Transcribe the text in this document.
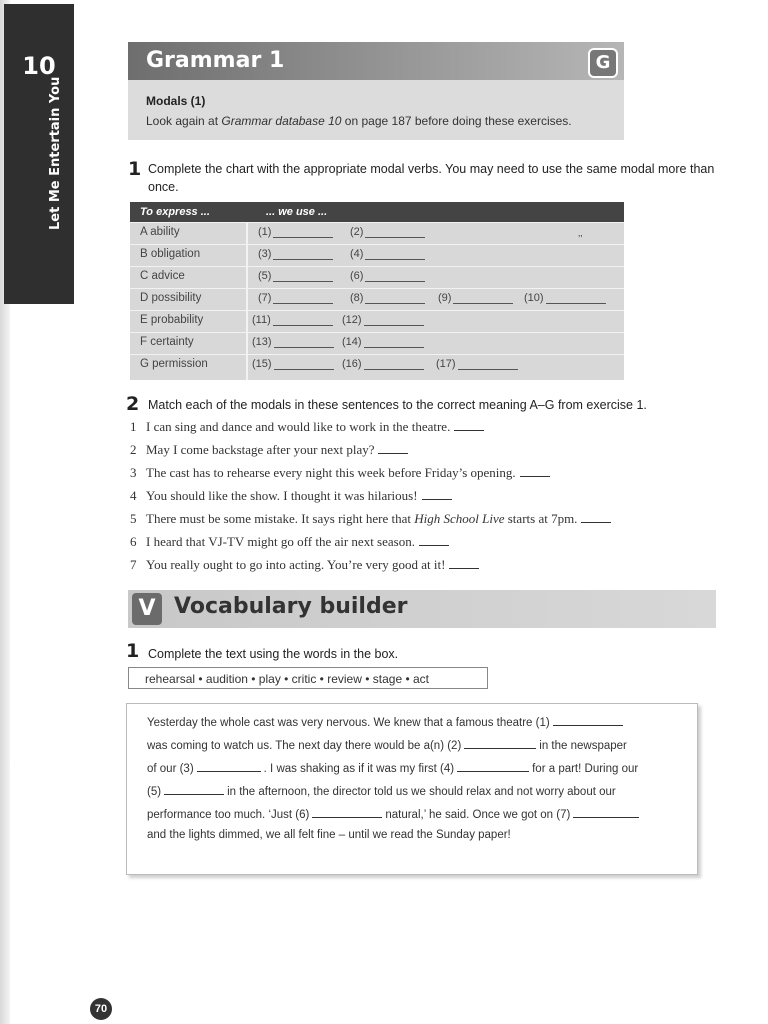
10
Let Me Entertain You
Grammar 1	G
Modals (1)
Look again at Grammar database 10 on page 187 before doing these exercises.
1 Complete the chart with the appropriate modal verbs. You may need to use the same modal more than once.
To express ...	... we use ...
A ability	(1)	(2)
B obligation	(3)	(4)
C advice	(5)	(6)
D possibility	(7)	(8)	(9)	(10)
E probability	(11)	(12)
F certainty	(13)	(14)
G permission	(15)	(16)	(17)
‚‚
2 Match each of the modals in these sentences to the correct meaning A–G from exercise 1.
1 I can sing and dance and would like to work in the theatre.
2 May I come backstage after your next play?
3 The cast has to rehearse every night this week before Friday’s opening.
4 You should like the show. I thought it was hilarious!
5 There must be some mistake. It says right here that High School Live starts at 7pm.
6 I heard that VJ-TV might go off the air next season.
7 You really ought to go into acting. You’re very good at it!
V Vocabulary builder
1 Complete the text using the words in the box.
rehearsal • audition • play • critic • review • stage • act
Yesterday the whole cast was very nervous. We knew that a famous theatre (1)
was coming to watch us. The next day there would be a(n) (2)	in the newspaper
of our (3)	. I was shaking as if it was my first (4)	for a part! During our
(5)	in the afternoon, the director told us we should relax and not worry about our
performance too much. ‘Just (6)	natural,’ he said. Once we got on (7)
and the lights dimmed, we all felt fine – until we read the Sunday paper!
70
